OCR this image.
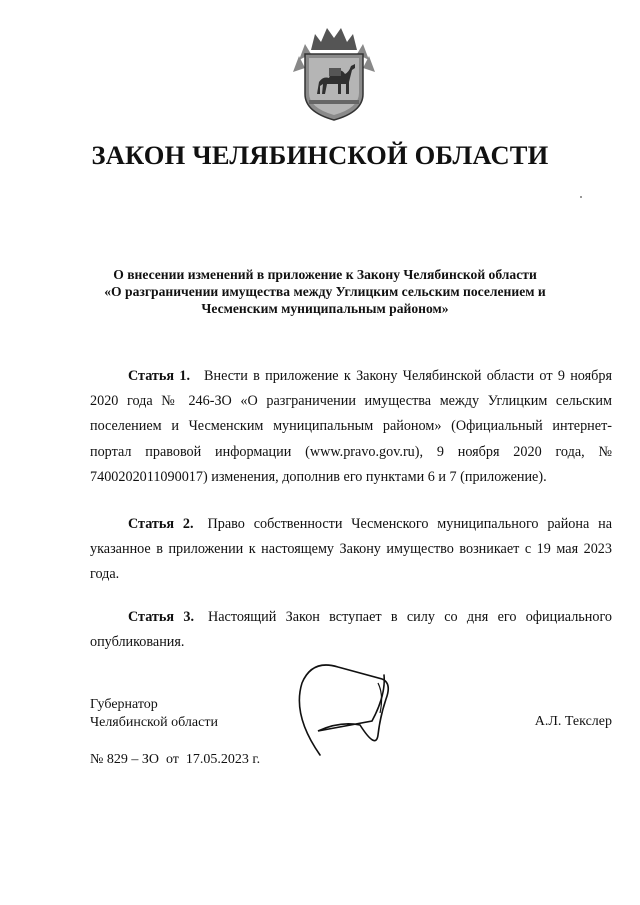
ЗАКОН ЧЕЛЯБИНСКОЙ ОБЛАСТИ
О внесении изменений в приложение к Закону Челябинской области
«О разграничении имущества между Углицким сельским поселением и
Чесменским муниципальным районом»
Статья 1. Внести в приложение к Закону Челябинской области от 9 ноября 2020 года № 246-ЗО «О разграничении имущества между Углицким сельским поселением и Чесменским муниципальным районом» (Официальный интернет-портал правовой информации (www.pravo.gov.ru), 9 ноября 2020 года, № 7400202011090017) изменения, дополнив его пунктами 6 и 7 (приложение).
Статья 2. Право собственности Чесменского муниципального района на указанное в приложении к настоящему Закону имущество возникает с 19 мая 2023 года.
Статья 3. Настоящий Закон вступает в силу со дня его официального опубликования.
Губернатор
Челябинской области	А.Л. Текслер
№ 829 – ЗО  от  17.05.2023 г.
